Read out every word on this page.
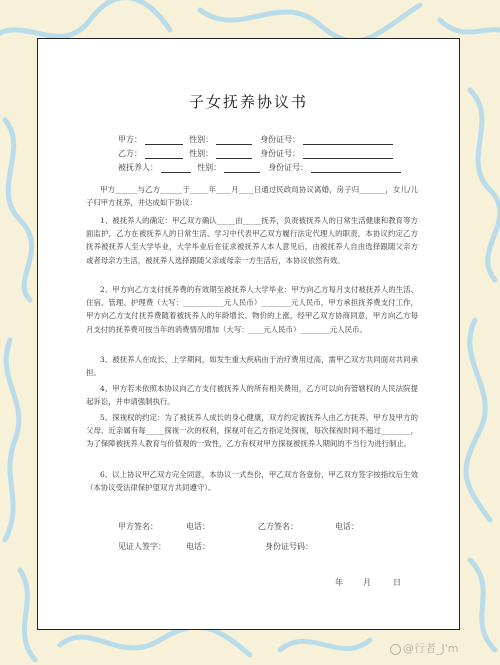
子女抚养协议书
甲方：	性别：	身份证号：
乙方：	性别：	身份证号：
被抚养人：	性别：	身份证号：

甲方______与乙方______于_____年____月____日通过民政局协议离婚，房子归_______，女儿/儿子归甲方抚养，并达成如下协议：

1、被抚养人的确定：甲乙双方确认_____由_____抚养，负责被抚养人的日常生活健康和教育等方面监护，乙方在被抚养人的日常生活、学习中代表甲乙双方履行法定代理人的职责，本协议约定乙方抚养被抚养人至大学毕业，大学毕业后在征求被抚养人本人意见后，由被抚养人自由选择跟随父亲方或者母亲方生活，被抚养人选择跟随父亲或母亲一方生活后，本协议依然有效。

2、甲方向乙方支付抚养费的有效期至被抚养人大学毕业：甲方向乙方每月支付被抚养人的生活、住宿、管理、护理费（大写：___________元人民币）________元人民币，甲方承担抚养费支付工作，甲方向乙方支付抚养费随着被抚养人的年龄增长、物价的上涨，经甲乙双方协商同意，甲方向乙方每月支付的抚养费可按当年的消费情况增加（大写：____元人民币）________元人民币。

3、被抚养人在成长、上学期间，如发生重大疾病由于治疗费用过高，需甲乙双方共同面对共同承担。

4、甲方若未依照本协议向乙方支付被抚养人的所有相关费用，乙方可以向有管辖权的人民法院提起诉讼，并申请强制执行。

5、探视权的约定：为了被抚养人成长的身心健康，双方约定被抚养人由乙方抚养，甲方及甲方的父母、近亲属有每_____探视一次的权利，探视可在乙方指定处探视，每次探视时间不超过________，为了保障被抚养人教育与价值观的一致性，乙方有权对甲方探视被抚养人期间的不当行为进行制止。

6、以上协议甲乙双方完全同意，本协议一式叁份，甲乙双方各壹份，甲乙双方签字按指纹后生效（本协议受法律保护望双方共同遵守）。

甲方签名：	电话：	乙方签名：	电话：
见证人签字：	电话：	身份证号码：
年	月	日
@行者_J'm
